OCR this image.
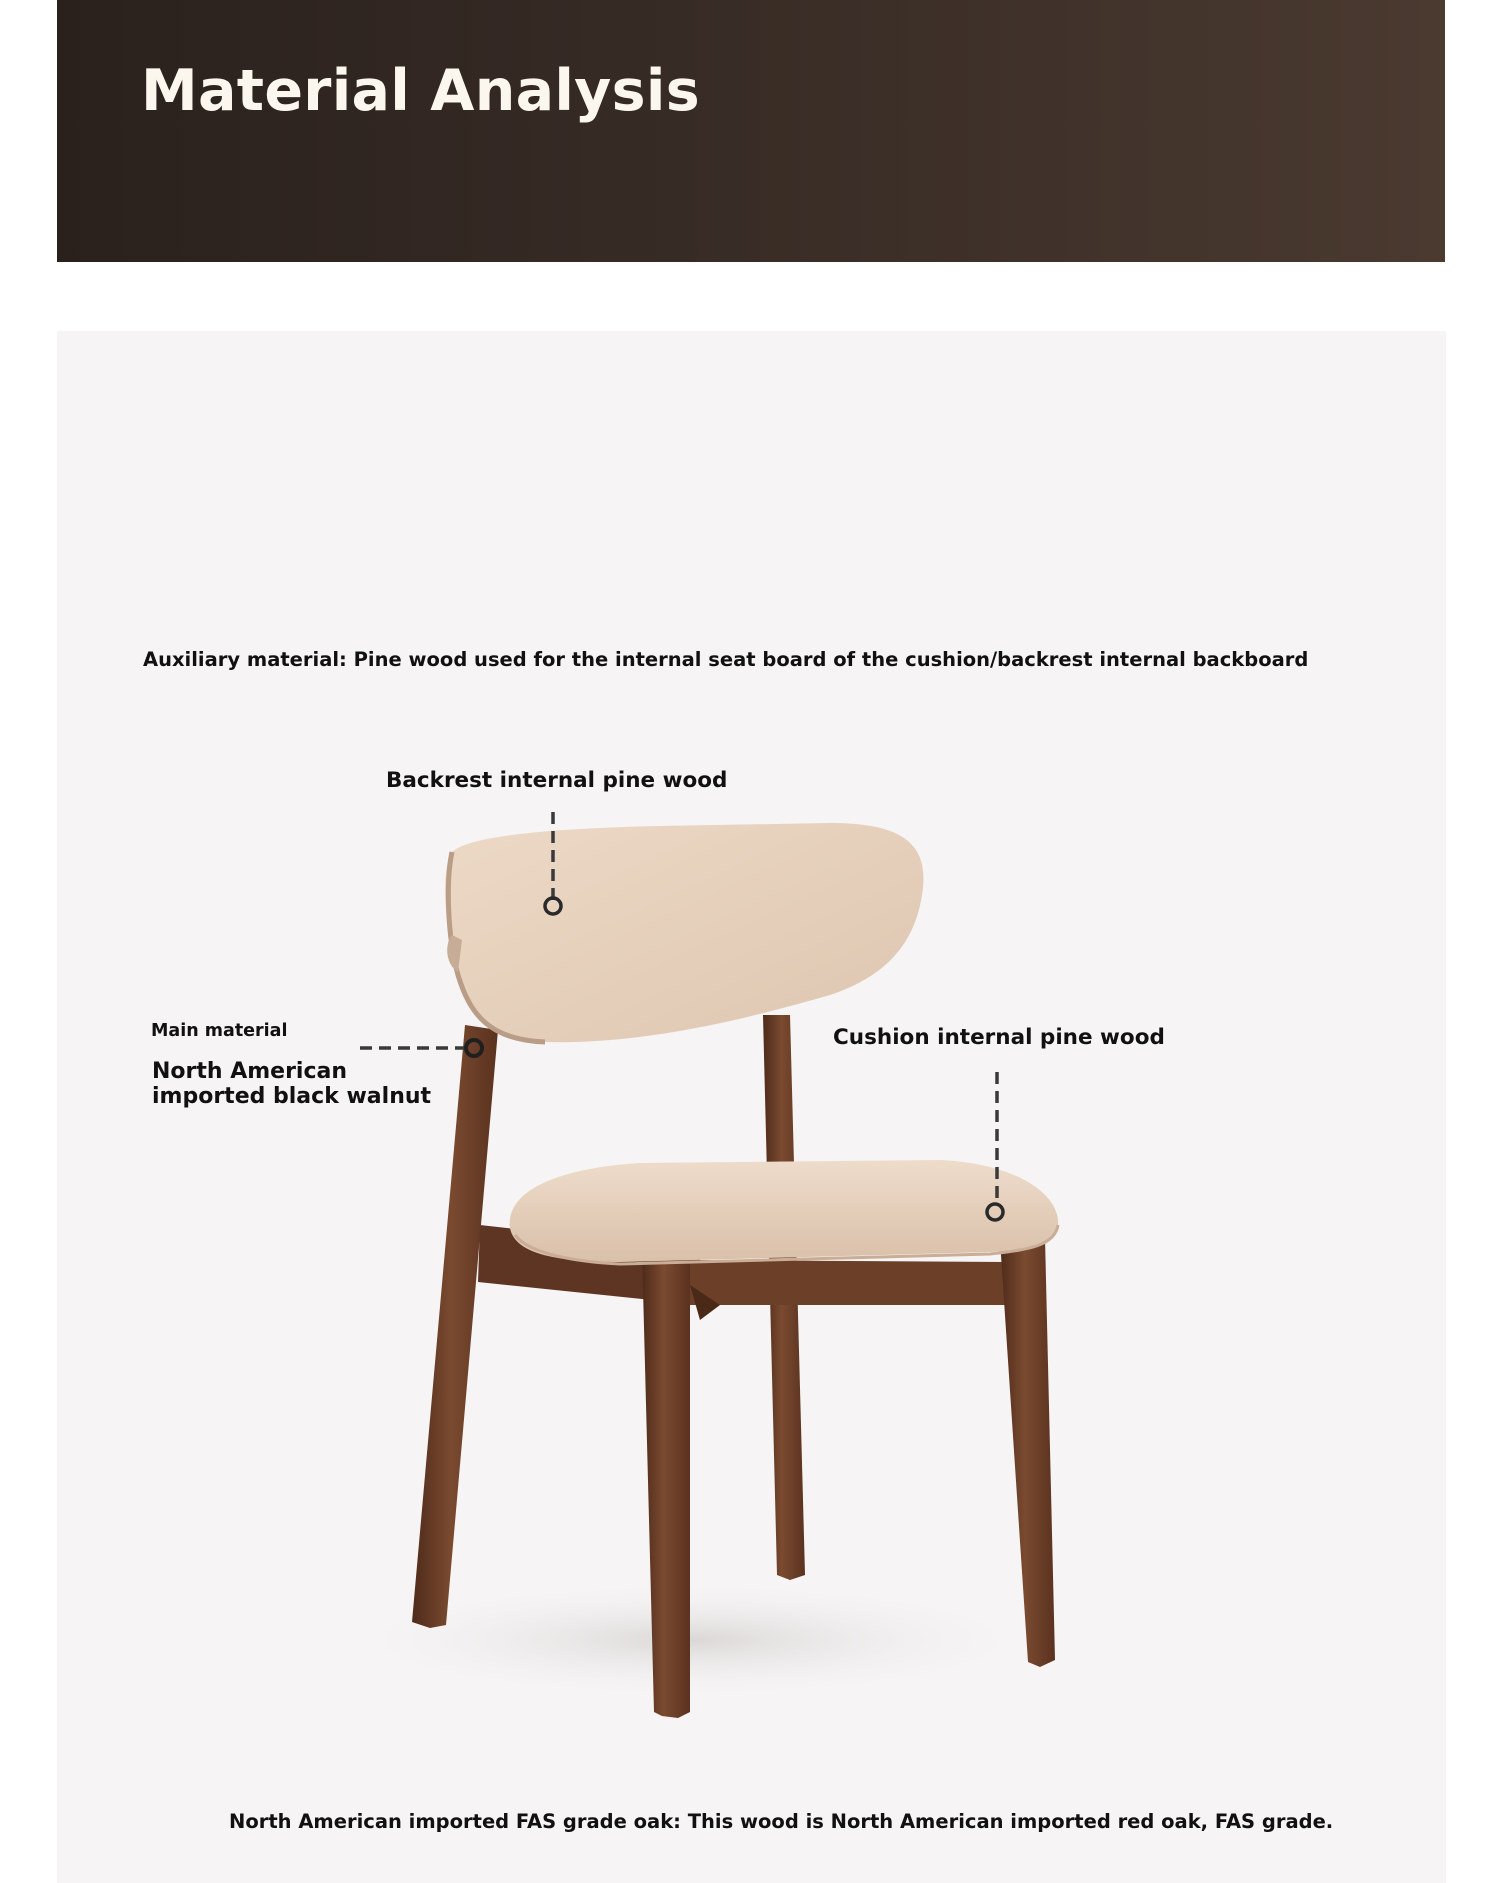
Material Analysis
Auxiliary material: Pine wood used for the internal seat board of the cushion/backrest internal backboard
Backrest internal pine wood
Main material
North American imported black walnut
Cushion internal pine wood
North American imported FAS grade oak: This wood is North American imported red oak, FAS grade.
